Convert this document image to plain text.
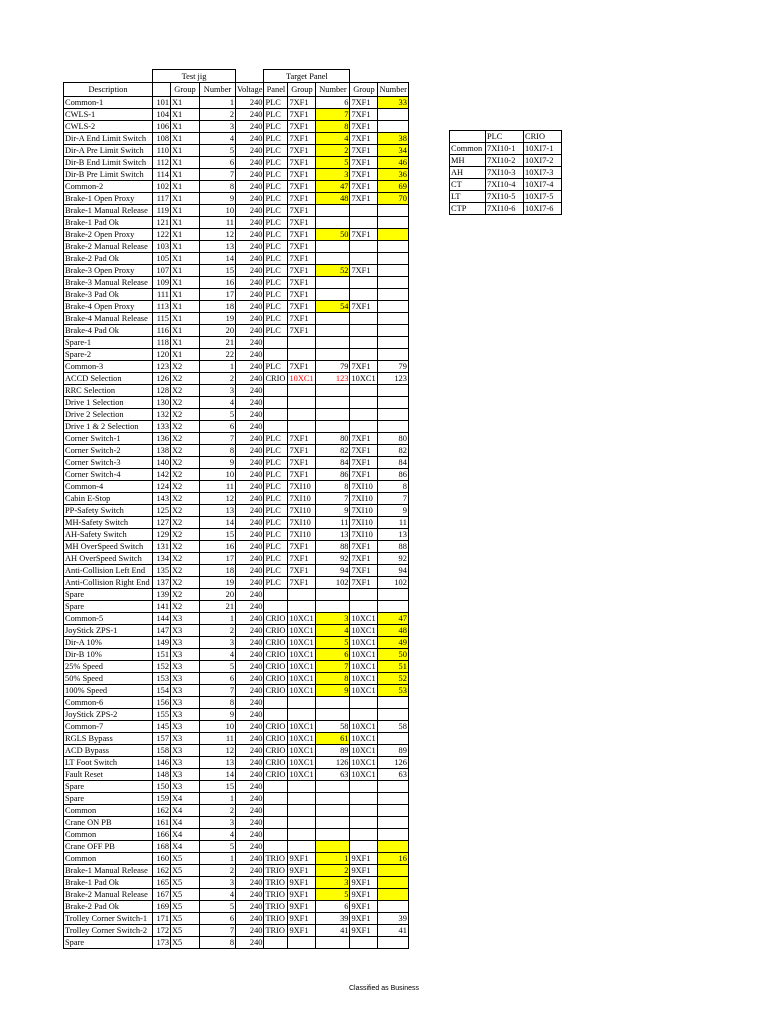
	Test jig				Target Panel				
Description		Group	Number	Voltage	Panel	Group	Number	Group	Number
Common-1	101	X1	1	240	PLC	7XF1	6	7XF1	33
CWLS-1	104	X1	2	240	PLC	7XF1	7	7XF1	
CWLS-2	106	X1	3	240	PLC	7XF1	8	7XF1	
Dir-A End Limit Switch	108	X1	4	240	PLC	7XF1	4	7XF1	38
Dir-A Pre Limit Switch	110	X1	5	240	PLC	7XF1	2	7XF1	34
Dir-B End Limit Switch	112	X1	6	240	PLC	7XF1	5	7XF1	46
Dir-B Pre Limit Switch	114	X1	7	240	PLC	7XF1	3	7XF1	36
Common-2	102	X1	8	240	PLC	7XF1	47	7XF1	69
Brake-1 Open Proxy	117	X1	9	240	PLC	7XF1	48	7XF1	70
Brake-1 Manual Release	119	X1	10	240	PLC	7XF1			
Brake-1 Pad Ok	121	X1	11	240	PLC	7XF1			
Brake-2 Open Proxy	122	X1	12	240	PLC	7XF1	50	7XF1	
Brake-2 Manual Release	103	X1	13	240	PLC	7XF1			
Brake-2 Pad Ok	105	X1	14	240	PLC	7XF1			
Brake-3 Open Proxy	107	X1	15	240	PLC	7XF1	52	7XF1	
Brake-3 Manual Release	109	X1	16	240	PLC	7XF1			
Brake-3 Pad Ok	111	X1	17	240	PLC	7XF1			
Brake-4 Open Proxy	113	X1	18	240	PLC	7XF1	54	7XF1	
Brake-4 Manual Release	115	X1	19	240	PLC	7XF1			
Brake-4 Pad Ok	116	X1	20	240	PLC	7XF1			
Spare-1	118	X1	21	240					
Spare-2	120	X1	22	240					
Common-3	123	X2	1	240	PLC	7XF1	79	7XF1	79
ACCD Selection	126	X2	2	240	CRIO	10XC1	123	10XC1	123
RRC Selection	128	X2	3	240					
Drive 1 Selection	130	X2	4	240					
Drive 2 Selection	132	X2	5	240					
Drive 1 & 2 Selection	133	X2	6	240					
Corner Switch-1	136	X2	7	240	PLC	7XF1	80	7XF1	80
Corner Switch-2	138	X2	8	240	PLC	7XF1	82	7XF1	82
Corner Switch-3	140	X2	9	240	PLC	7XF1	84	7XF1	84
Corner Switch-4	142	X2	10	240	PLC	7XF1	86	7XF1	86
Common-4	124	X2	11	240	PLC	7XI10	8	7XI10	8
Cabin E-Stop	143	X2	12	240	PLC	7XI10	7	7XI10	7
PP-Safety Switch	125	X2	13	240	PLC	7XI10	9	7XI10	9
MH-Safety Switch	127	X2	14	240	PLC	7XI10	11	7XI10	11
AH-Safety Switch	129	X2	15	240	PLC	7XI10	13	7XI10	13
MH OverSpeed Switch	131	X2	16	240	PLC	7XF1	88	7XF1	88
AH OverSpeed Switch	134	X2	17	240	PLC	7XF1	92	7XF1	92
Anti-Collision Left End	135	X2	18	240	PLC	7XF1	94	7XF1	94
Anti-Collision Right End	137	X2	19	240	PLC	7XF1	102	7XF1	102
Spare	139	X2	20	240					
Spare	141	X2	21	240					
Common-5	144	X3	1	240	CRIO	10XC1	3	10XC1	47
JoyStick ZPS-1	147	X3	2	240	CRIO	10XC1	4	10XC1	48
Dir-A 10%	149	X3	3	240	CRIO	10XC1	5	10XC1	49
Dir-B 10%	151	X3	4	240	CRIO	10XC1	6	10XC1	50
25% Speed	152	X3	5	240	CRIO	10XC1	7	10XC1	51
50% Speed	153	X3	6	240	CRIO	10XC1	8	10XC1	52
100% Speed	154	X3	7	240	CRIO	10XC1	9	10XC1	53
Common-6	156	X3	8	240					
JoyStick ZPS-2	155	X3	9	240					
Common-7	145	X3	10	240	CRIO	10XC1	58	10XC1	58
RGLS Bypass	157	X3	11	240	CRIO	10XC1	61	10XC1	
ACD Bypass	158	X3	12	240	CRIO	10XC1	89	10XC1	89
LT Foot Switch	146	X3	13	240	CRIO	10XC1	126	10XC1	126
Fault Reset	148	X3	14	240	CRIO	10XC1	63	10XC1	63
Spare	150	X3	15	240					
Spare	159	X4	1	240					
Common	162	X4	2	240					
Crane ON PB	161	X4	3	240					
Common	166	X4	4	240					
Crane OFF PB	168	X4	5	240					
Common	160	X5	1	240	TRIO	9XF1	1	9XF1	16
Brake-1 Manual Release	162	X5	2	240	TRIO	9XF1	2	9XF1	
Brake-1 Pad Ok	165	X5	3	240	TRIO	9XF1	3	9XF1	
Brake-2 Manual Release	167	X5	4	240	TRIO	9XF1	5	9XF1	
Brake-2 Pad Ok	169	X5	5	240	TRIO	9XF1	6	9XF1	
Trolley Corner Switch-1	171	X5	6	240	TRIO	9XF1	39	9XF1	39
Trolley Corner Switch-2	172	X5	7	240	TRIO	9XF1	41	9XF1	41
Spare	173	X5	8	240					
	PLC	CRIO
Common	7XI10-1	10XI7-1
MH	7XI10-2	10XI7-2
AH	7XI10-3	10XI7-3
CT	7XI10-4	10XI7-4
LT	7XI10-5	10XI7-5
CTP	7XI10-6	10XI7-6
Classified as Business
